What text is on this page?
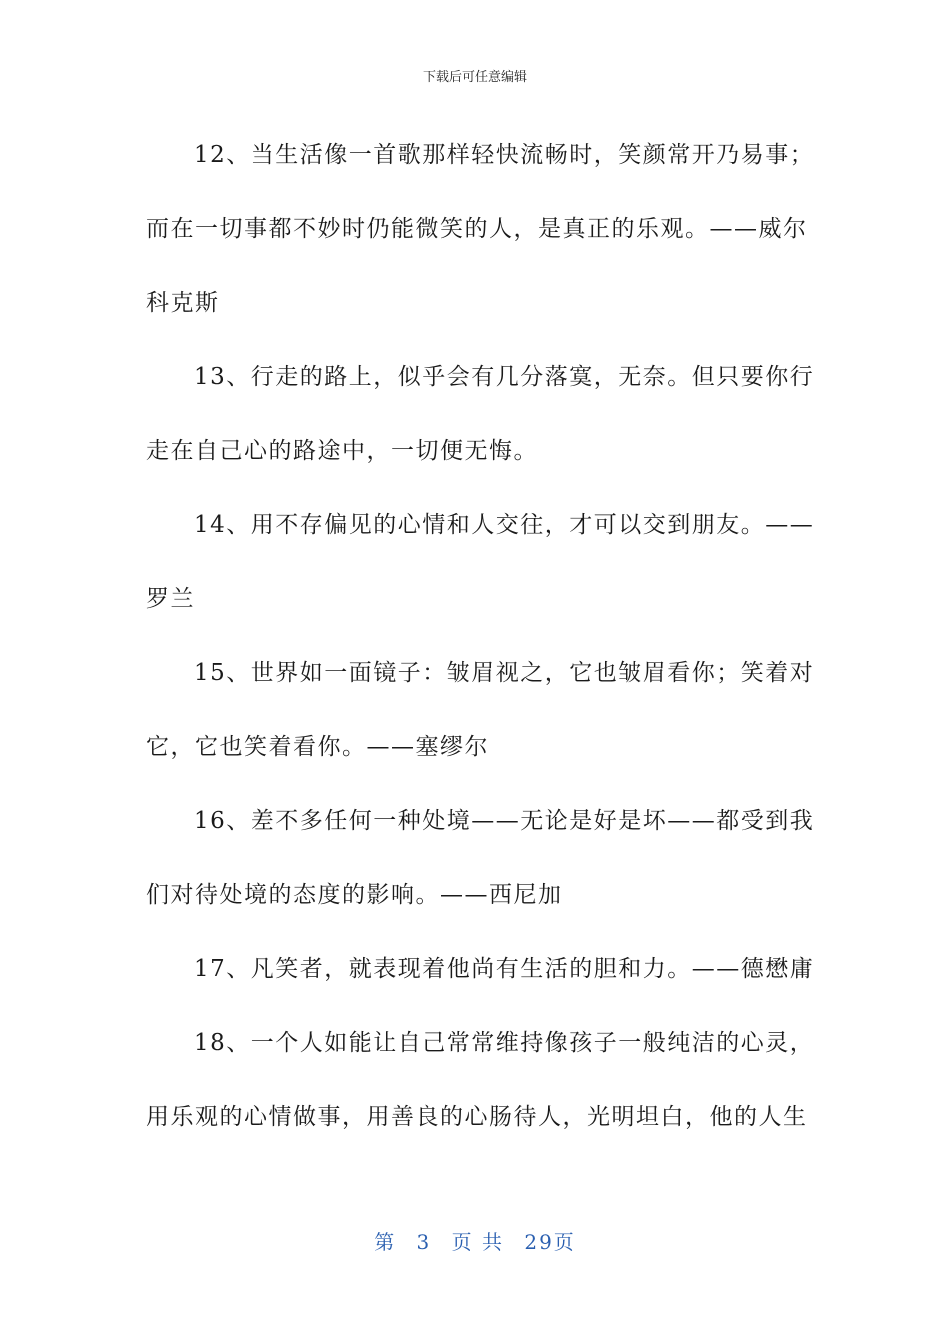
下载后可任意编辑
12、当生活像一首歌那样轻快流畅时，笑颜常开乃易事；
而在一切事都不妙时仍能微笑的人，是真正的乐观。——威尔
科克斯
13、行走的路上，似乎会有几分落寞，无奈。但只要你行
走在自己心的路途中，一切便无悔。
14、用不存偏见的心情和人交往，才可以交到朋友。——
罗兰
15、世界如一面镜子：皱眉视之，它也皱眉看你；笑着对
它，它也笑着看你。——塞缪尔
16、差不多任何一种处境——无论是好是坏——都受到我
们对待处境的态度的影响。——西尼加
17、凡笑者，就表现着他尚有生活的胆和力。——德懋庸
18、一个人如能让自己常常维持像孩子一般纯洁的心灵，
用乐观的心情做事，用善良的心肠待人，光明坦白，他的人生
第 3 页 共 29页
